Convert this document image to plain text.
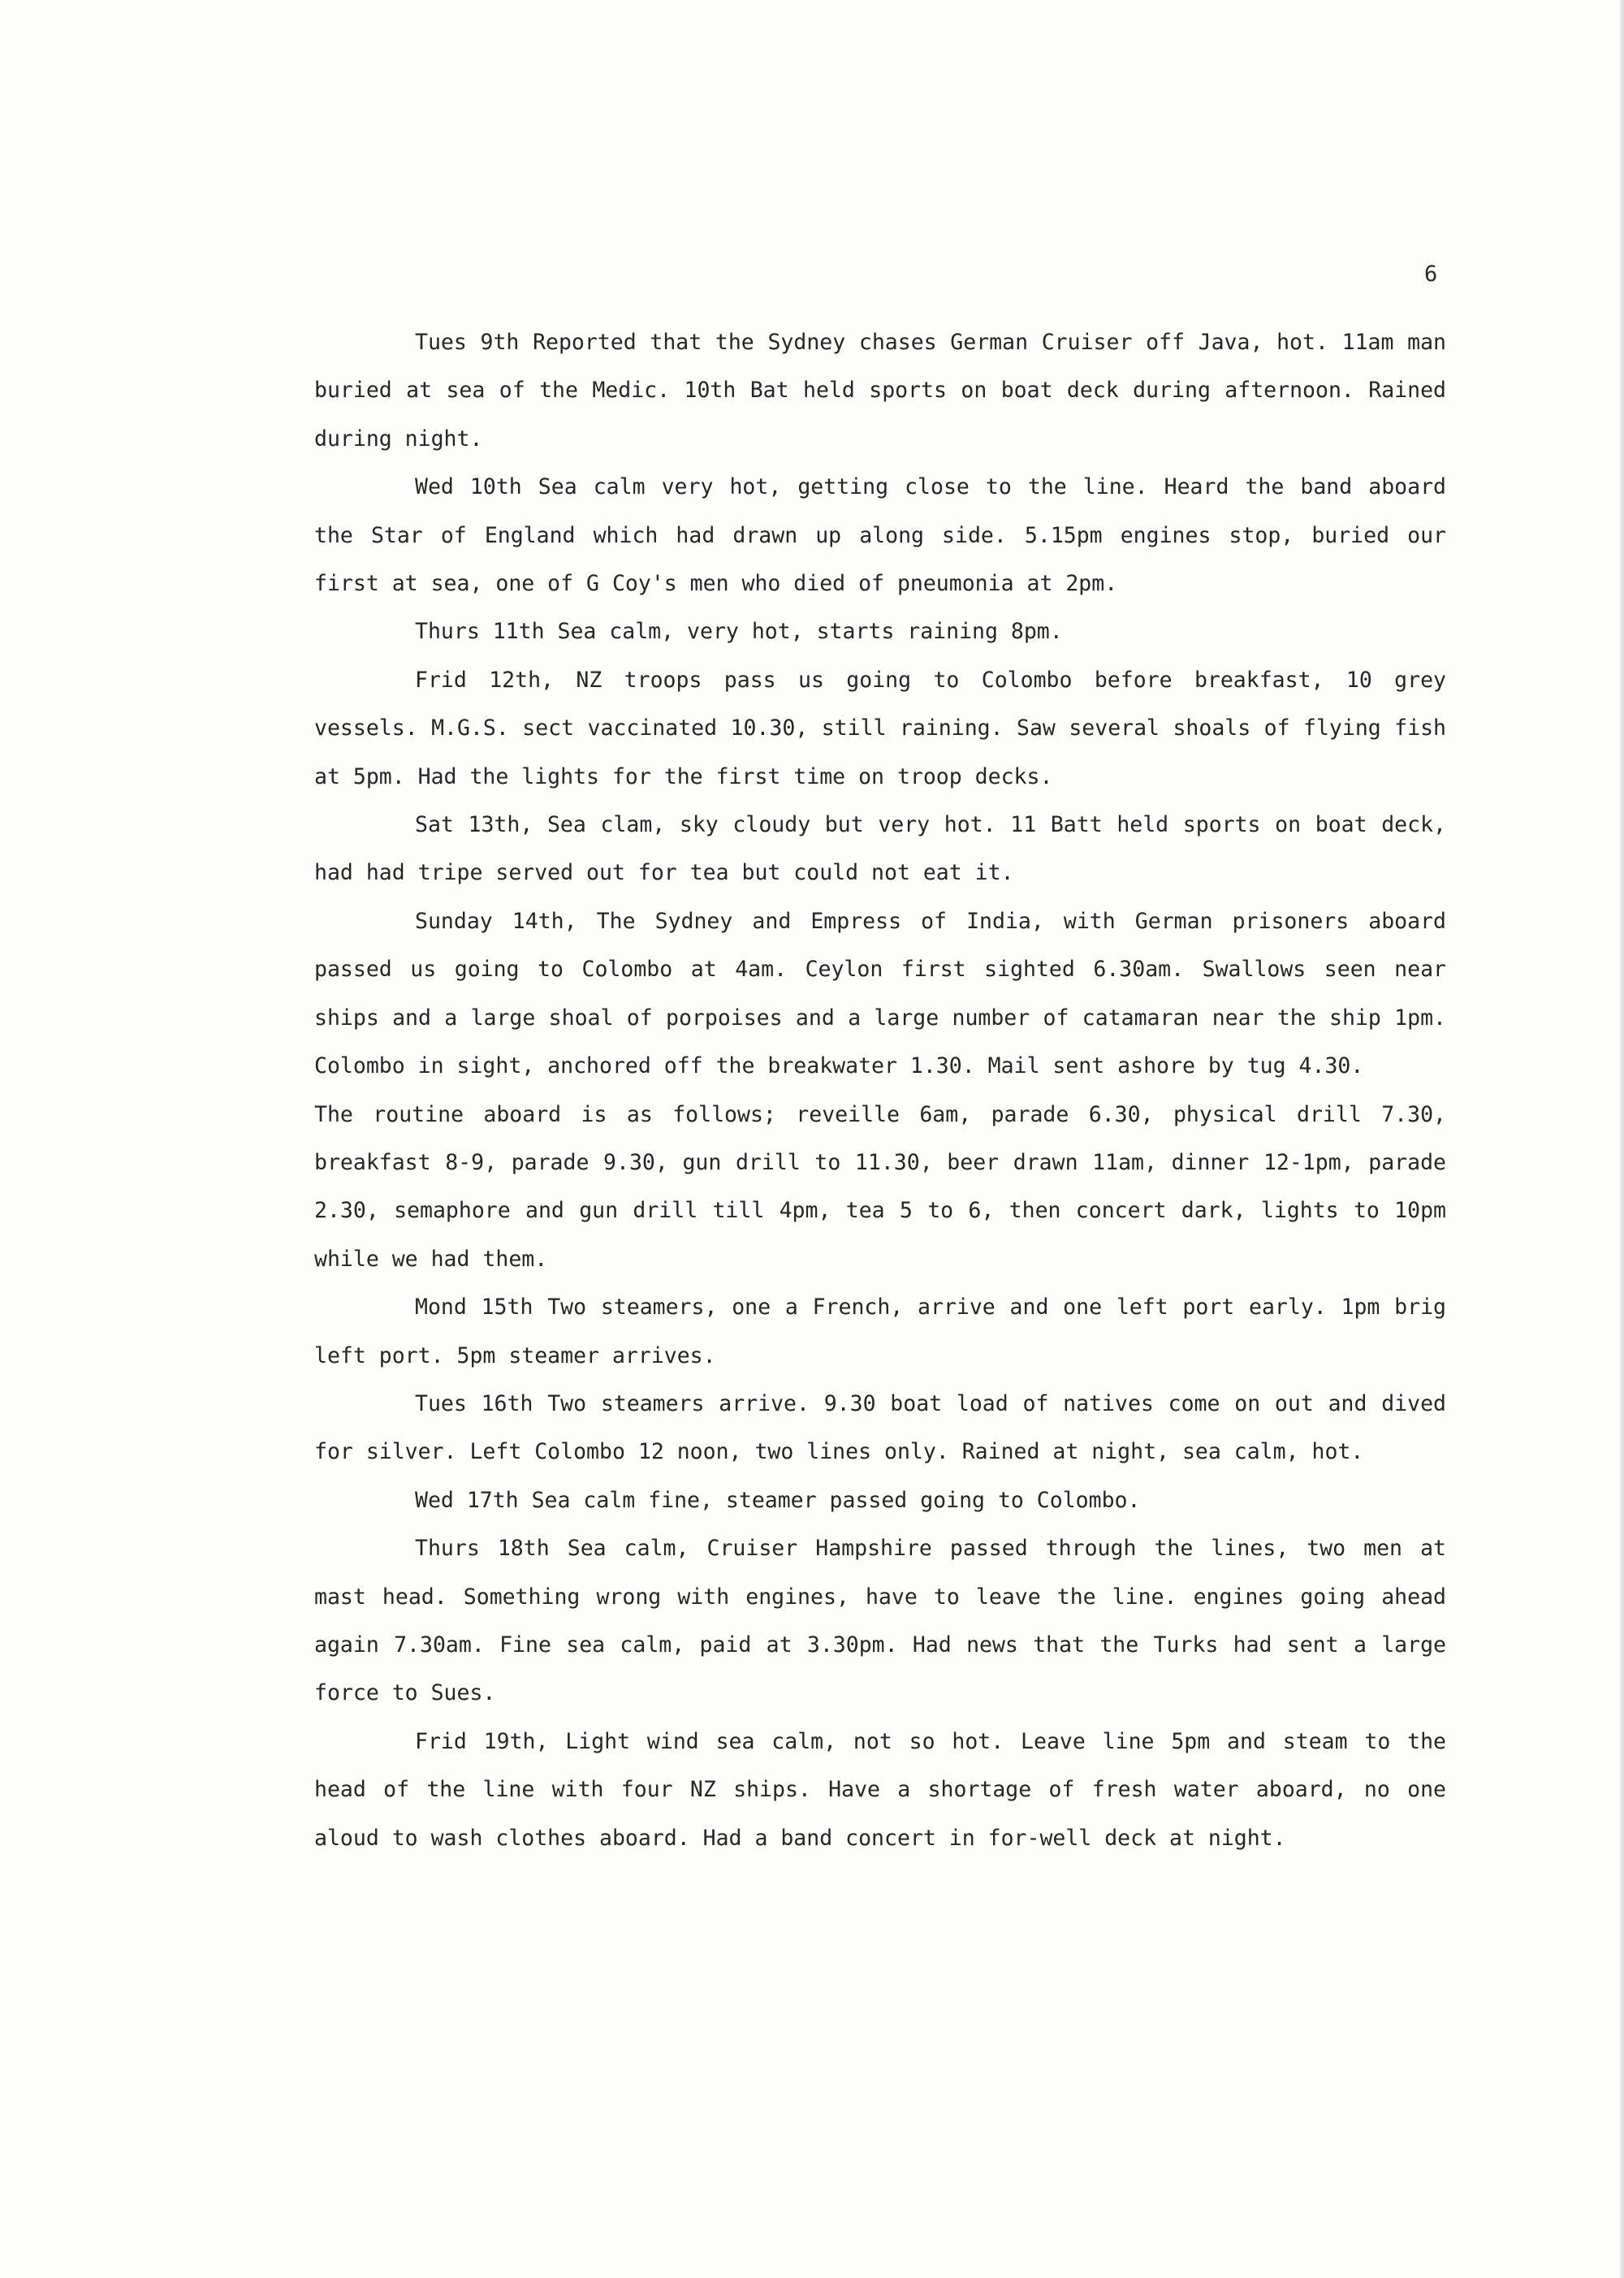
6

Tues 9th Reported that the Sydney chases German Cruiser off Java, hot. 11am man buried at sea of the Medic. 10th Bat held sports on boat deck during afternoon. Rained during night.

Wed 10th Sea calm very hot, getting close to the line. Heard the band aboard the Star of England which had drawn up along side. 5.15pm engines stop, buried our first at sea, one of G Coy's men who died of pneumonia at 2pm.

Thurs 11th Sea calm, very hot, starts raining 8pm.

Frid 12th, NZ troops pass us going to Colombo before breakfast, 10 grey vessels. M.G.S. sect vaccinated 10.30, still raining. Saw several shoals of flying fish at 5pm. Had the lights for the first time on troop decks.

Sat 13th, Sea clam, sky cloudy but very hot. 11 Batt held sports on boat deck, had had tripe served out for tea but could not eat it.

Sunday 14th, The Sydney and Empress of India, with German prisoners aboard passed us going to Colombo at 4am. Ceylon first sighted 6.30am. Swallows seen near ships and a large shoal of porpoises and a large number of catamaran near the ship 1pm. Colombo in sight, anchored off the breakwater 1.30. Mail sent ashore by tug 4.30.

The routine aboard is as follows; reveille 6am, parade 6.30, physical drill 7.30, breakfast 8-9, parade 9.30, gun drill to 11.30, beer drawn 11am, dinner 12-1pm, parade 2.30, semaphore and gun drill till 4pm, tea 5 to 6, then concert dark, lights to 10pm while we had them.

Mond 15th Two steamers, one a French, arrive and one left port early. 1pm brig left port. 5pm steamer arrives.

Tues 16th Two steamers arrive. 9.30 boat load of natives come on out and dived for silver. Left Colombo 12 noon, two lines only. Rained at night, sea calm, hot.

Wed 17th Sea calm fine, steamer passed going to Colombo.

Thurs 18th Sea calm, Cruiser Hampshire passed through the lines, two men at mast head. Something wrong with engines, have to leave the line. engines going ahead again 7.30am. Fine sea calm, paid at 3.30pm. Had news that the Turks had sent a large force to Sues.

Frid 19th, Light wind sea calm, not so hot. Leave line 5pm and steam to the head of the line with four NZ ships. Have a shortage of fresh water aboard, no one aloud to wash clothes aboard. Had a band concert in for-well deck at night.
